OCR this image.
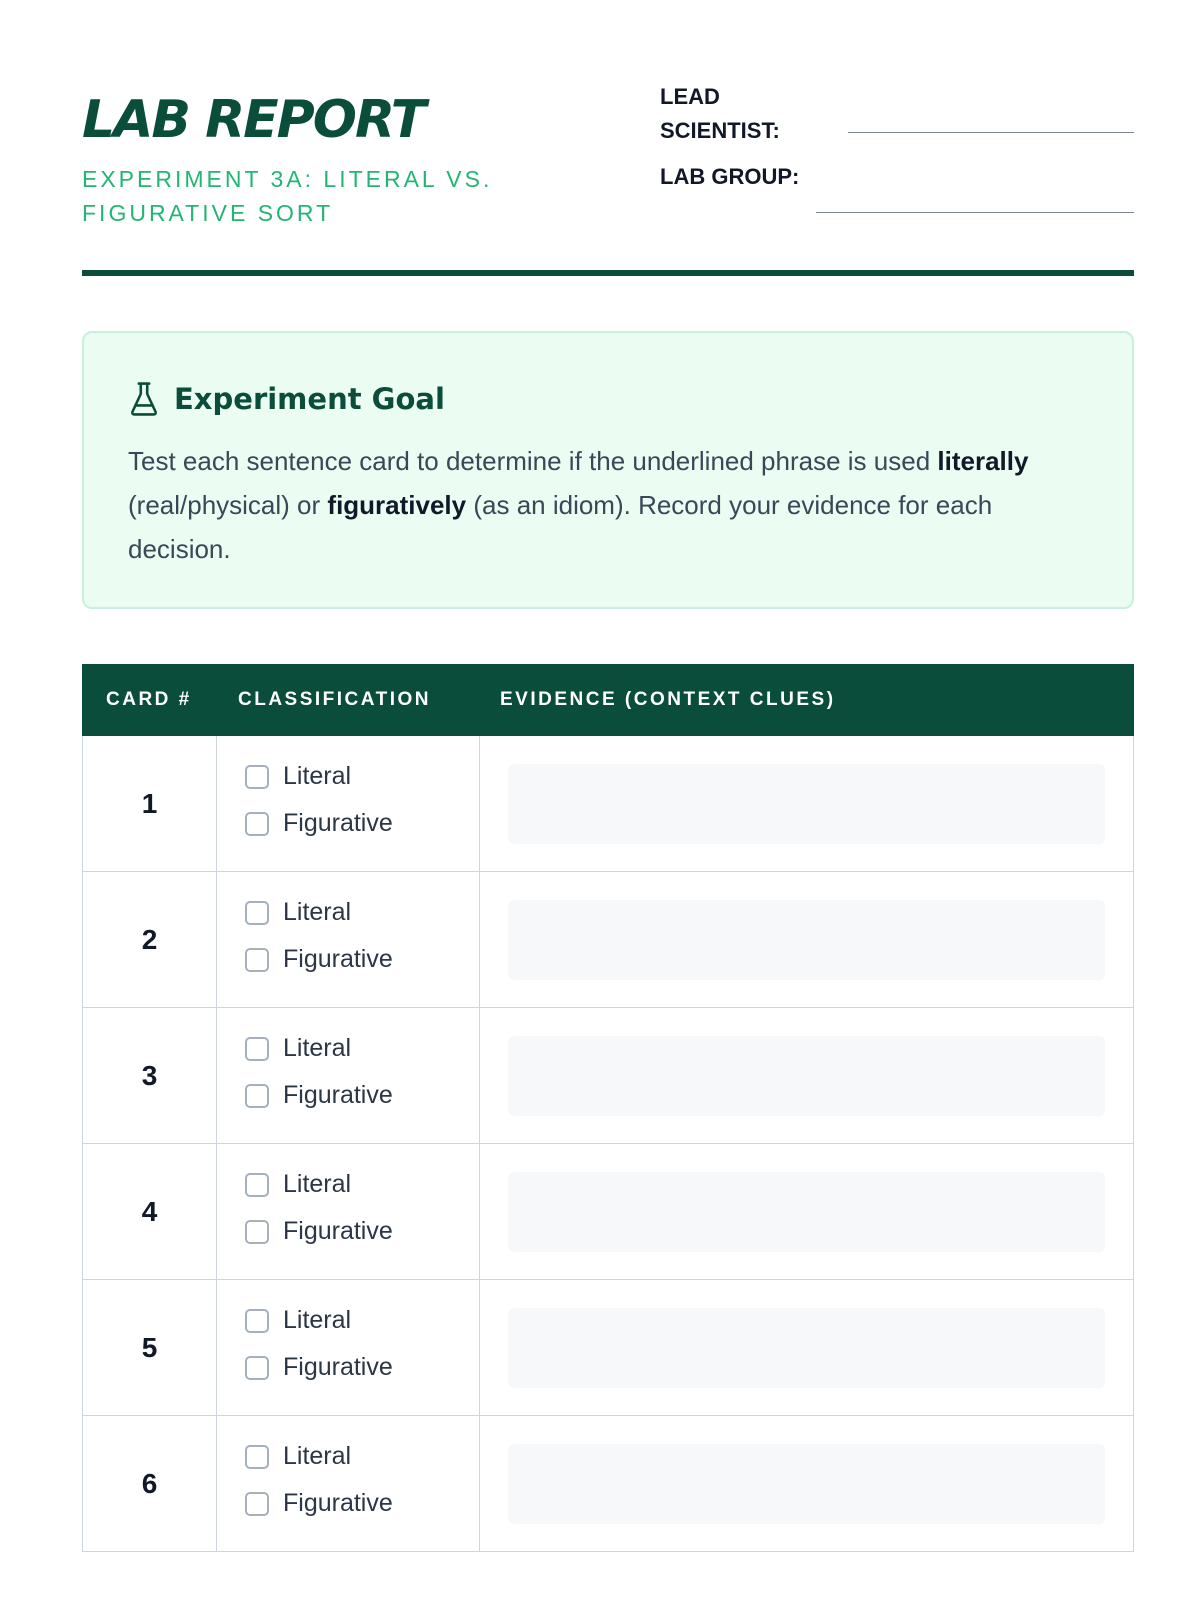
LAB REPORT
EXPERIMENT 3A: LITERAL VS. FIGURATIVE SORT
LEAD SCIENTIST:
LAB GROUP:
Experiment Goal
Test each sentence card to determine if the underlined phrase is used literally (real/physical) or figuratively (as an idiom). Record your evidence for each decision.
CARD # CLASSIFICATION	EVIDENCE (CONTEXT CLUES)
1
Literal
Figurative
2
Literal
Figurative
3
Literal
Figurative
4
Literal
Figurative
5
Literal
Figurative
6
Literal
Figurative
